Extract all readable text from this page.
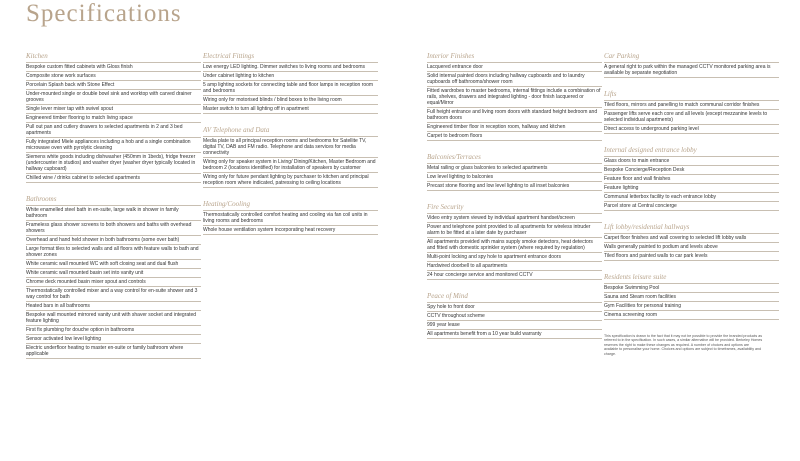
Specifications
Kitchen
Bespoke custom fitted cabinets with Gloss finish
Composite stone work surfaces
Porcelain Splash back with Stone Effect
Under-mounted single or double bowl sink and worktop with carved drainer grooves
Single lever mixer tap with swivel spout
Engineered timber flooring to match living space
Pull out pan and cutlery drawers to selected apartments in 2 and 3 bed apartments
Fully integrated Miele appliances including a hob and a single combination microwave oven with pyrolytic cleaning
Siemens white goods including dishwasher (450mm in 1beds), fridge freezer (undercounter in studios) and washer dryer (washer dryer typically located in hallway cupboard)
Chilled wine / drinks cabinet to selected apartments
Bathrooms
White enamelled steel bath in en-suite, large walk in shower in family bathroom
Frameless glass shower screens to both showers and baths with overhead showers
Overhead and hand held shower in both bathrooms (some over bath)
Large format tiles to selected walls and all floors with feature walls to bath and shower zones
White ceramic wall mounted WC with soft closing seat and dual flush
White ceramic wall mounted basin set into vanity unit
Chrome deck mounted basin mixer spout and controls
Thermostatically controlled mixer and a way control for en-suite shower and 3 way control for bath
Heated bars in all bathrooms
Bespoke wall mounted mirrored vanity unit with shaver socket and integrated feature lighting
First fix plumbing for douche option in bathrooms
Sensor activated low level lighting
Electric underfloor heating to master en-suite or family bathroom where applicable
Electrical Fittings
Low energy LED lighting. Dimmer switches to living rooms and bedrooms
Under cabinet lighting to kitchen
5 amp lighting sockets for connecting table and floor lamps in reception room and bedrooms
Wiring only for motorised blinds / blind boxes to the living room
Master switch to turn all lighting off in apartment
AV Telephone and Data
Media plate to all principal reception rooms and bedrooms for Satellite TV, digital TV, DAB and FM radio. Telephone and data services for media connectivity
Wiring only for speaker system in Living/ Dining/Kitchen, Master Bedroom and bedroom 2 (locations identified) for installation of speakers by customer
Wiring only for future pendant lighting by purchaser to kitchen and principal reception room where indicated, patressing to ceiling locations
Heating/Cooling
Thermostatically controlled comfort heating and cooling via fan coil units in living rooms and bedrooms
Whole house ventilation system incorporating heat recovery
Interior Finishes
Lacquered entrance door
Solid internal painted doors including hallway cupboards and to laundry cupboards off bathrooms/shower room
Fitted wardrobes to master bedrooms, internal fittings include a combination of rails, shelves, drawers and integrated lighting - door finish lacquered or equal/Mirror
Full height entrance and living room doors with standard height bedroom and bathroom doors
Engineered timber floor in reception room, hallway and kitchen
Carpet to bedroom floors
Balconies/Terraces
Metal railing or glass balconies to selected apartments
Low level lighting to balconies
Precast stone flooring and low level lighting to all inset balconies
Fire Security
Video entry system viewed by individual apartment handset/screen
Power and telephone point provided to all apartments for wireless intruder alarm to be fitted at a later date by purchaser
All apartments provided with mains supply smoke detectors, heat detectors and fitted with domestic sprinkler system (where required by regulation)
Multi-point locking and spy hole to apartment entrance doors
Hardwired doorbell to all apartments
24 hour concierge service and monitored CCTV
Peace of Mind
Spy hole to front door
CCTV throughout scheme
999 year lease
All apartments benefit from a 10 year build warranty
Car Parking
A general right to park within the managed CCTV monitored parking area is available by separate negotiation
Lifts
Tiled floors, mirrors and panelling to match communal corridor finishes
Passenger lifts serve each core and all levels (except mezzanine levels to selected individual apartments)
Direct access to underground parking level
Internal designed entrance lobby
Glass doors to main entrance
Bespoke Concierge/Reception Desk
Feature floor and wall finishes
Feature lighting
Communal letterbox facility to each entrance lobby
Parcel store at Central concierge
Lift lobby/residential hallways
Carpet floor finishes and wall covering to selected lift lobby walls
Walls generally painted to podium and levels above
Tiled floors and painted walls to car park levels
Residents leisure suite
Bespoke Swimming Pool
Sauna and Steam room facilities
Gym Facilities for personal training
Cinema screening room
This specification is drawn to the fact that it may not be possible to provide the branded products as referred to in the specification. In such cases, a similar alternative will be provided. Berkeley Homes reserves the right to make these changes as required. A number of choices and options are available to personalise your home. Choices and options are subject to timeframes, availability and charge.
